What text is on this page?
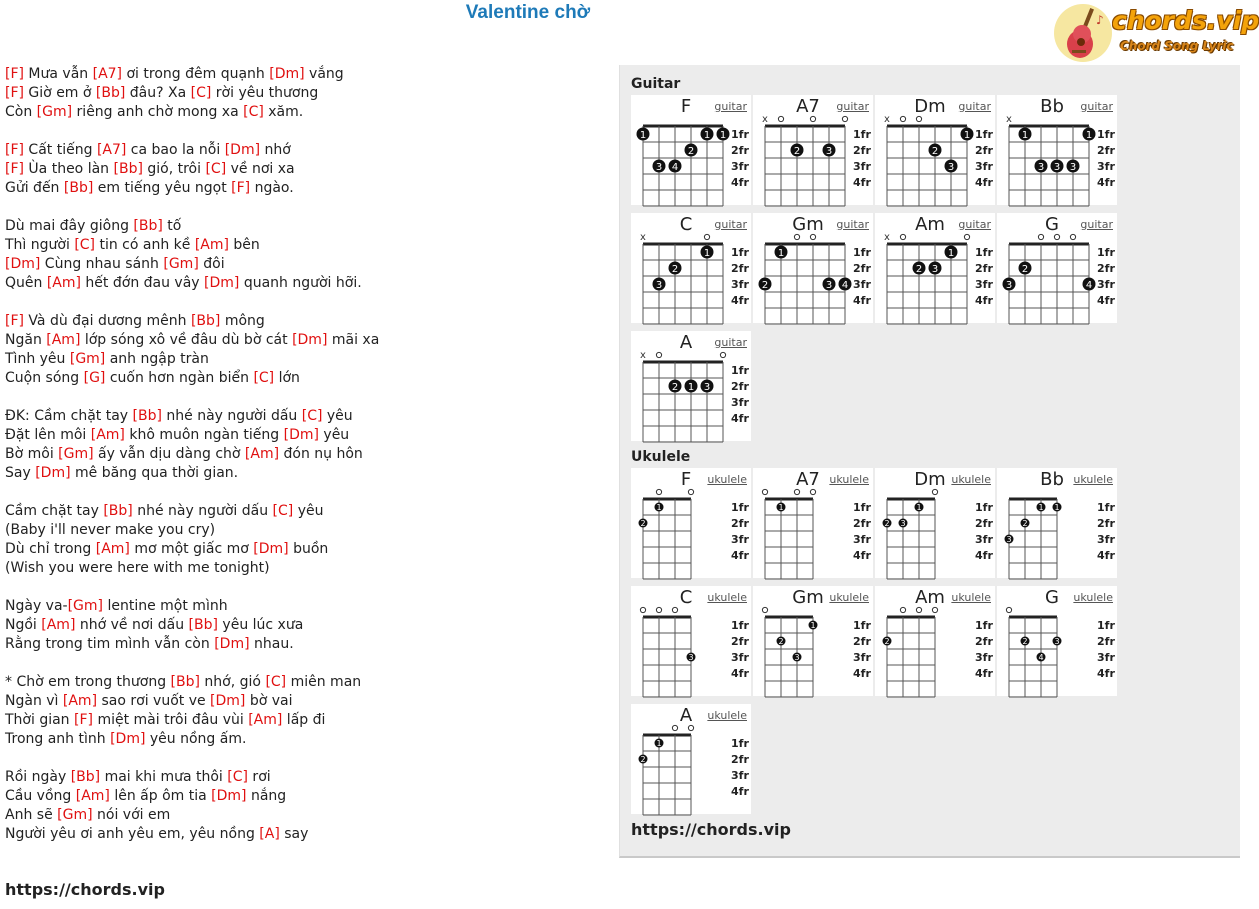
Valentine chờ	♪ chords.vip
Chord Song Lyric
[F] Mưa vẫn [A7] ơi trong đêm quạnh [Dm] vắng
[F] Giờ em ở [Bb] đâu? Xa [C] rời yêu thương
Còn [Gm] riêng anh chờ mong xa [C] xăm.
[F] Cất tiếng [A7] ca bao la nỗi [Dm] nhớ
[F] Ùa theo làn [Bb] gió, trôi [C] về nơi xa
Gửi đến [Bb] em tiếng yêu ngọt [F] ngào.
Dù mai đây giông [Bb] tố
Thì người [C] tin có anh kề [Am] bên
[Dm] Cùng nhau sánh [Gm] đôi
Quên [Am] hết đớn đau vây [Dm] quanh người hỡi.
[F] Và dù đại dương mênh [Bb] mông
Ngăn [Am] lớp sóng xô về đâu dù bờ cát [Dm] mãi xa
Tình yêu [Gm] anh ngập tràn
Cuộn sóng [G] cuốn hơn ngàn biển [C] lớn
ĐK: Cầm chặt tay [Bb] nhé này người dấu [C] yêu
Đặt lên môi [Am] khô muôn ngàn tiếng [Dm] yêu
Bờ môi [Gm] ấy vẫn dịu dàng chờ [Am] đón nụ hôn
Say [Dm] mê băng qua thời gian.
Cầm chặt tay [Bb] nhé này người dấu [C] yêu
(Baby i'll never make you cry)
Dù chỉ trong [Am] mơ một giấc mơ [Dm] buồn
(Wish you were here with me tonight)
Ngày va-[Gm] lentine một mình
Ngồi [Am] nhớ về nơi dấu [Bb] yêu lúc xưa
Rằng trong tim mình vẫn còn [Dm] nhau.
* Chờ em trong thương [Bb] nhớ, gió [C] miên man
Ngàn vì [Am] sao rơi vuốt ve [Dm] bờ vai
Thời gian [F] miệt mài trôi đâu vùi [Am] lấp đi
Trong anh tình [Dm] yêu nồng ấm.
Rồi ngày [Bb] mai khi mưa thôi [C] rơi
Cầu vồng [Am] lên ấp ôm tia [Dm] nắng
Anh sẽ [Gm] nói với em
Người yêu ơi anh yêu em, yêu nồng [A] say
https://chords.vip
Guitar
Ukulele
https://chords.vip
F	guitar
1fr
2fr
3fr
4fr
1	1 1
2
3 4
A7	guitar
1fr
2fr
3fr
4fr
x
2	3
Dm	guitar
1fr
2fr
3fr
4fr
x
1
2
3
Bb	guitar
1fr
2fr
3fr
4fr
x
1	1
3 3 3
C	guitar
1fr
2fr
3fr
4fr
x
1
2
3
Gm	guitar
1fr
2fr
3fr
4fr
1
2	3 4
Am	guitar
1fr
2fr
3fr
4fr
x
1
2 3
G	guitar
1fr
2fr
3fr
4fr
2
3	4
A	guitar
1fr
2fr
3fr
4fr
x
2 1 3
F	ukulele
1fr
2fr
3fr
4fr
1
2
A7 ukulele
1fr
2fr
3fr
4fr
1
Dm ukulele
1fr
2fr
3fr
4fr
1
2 3
Bb ukulele
1fr
2fr
3fr
4fr
1 1
2
3
C	ukulele
1fr
2fr
3fr
4fr
3
Gm ukulele
1fr
2fr
3fr
4fr
1
2
3
Am ukulele
1fr
2fr
3fr
4fr
2
G	ukulele
1fr
2fr
3fr
4fr
2	3
4
A	ukulele
1fr
2fr
3fr
4fr
1
2
